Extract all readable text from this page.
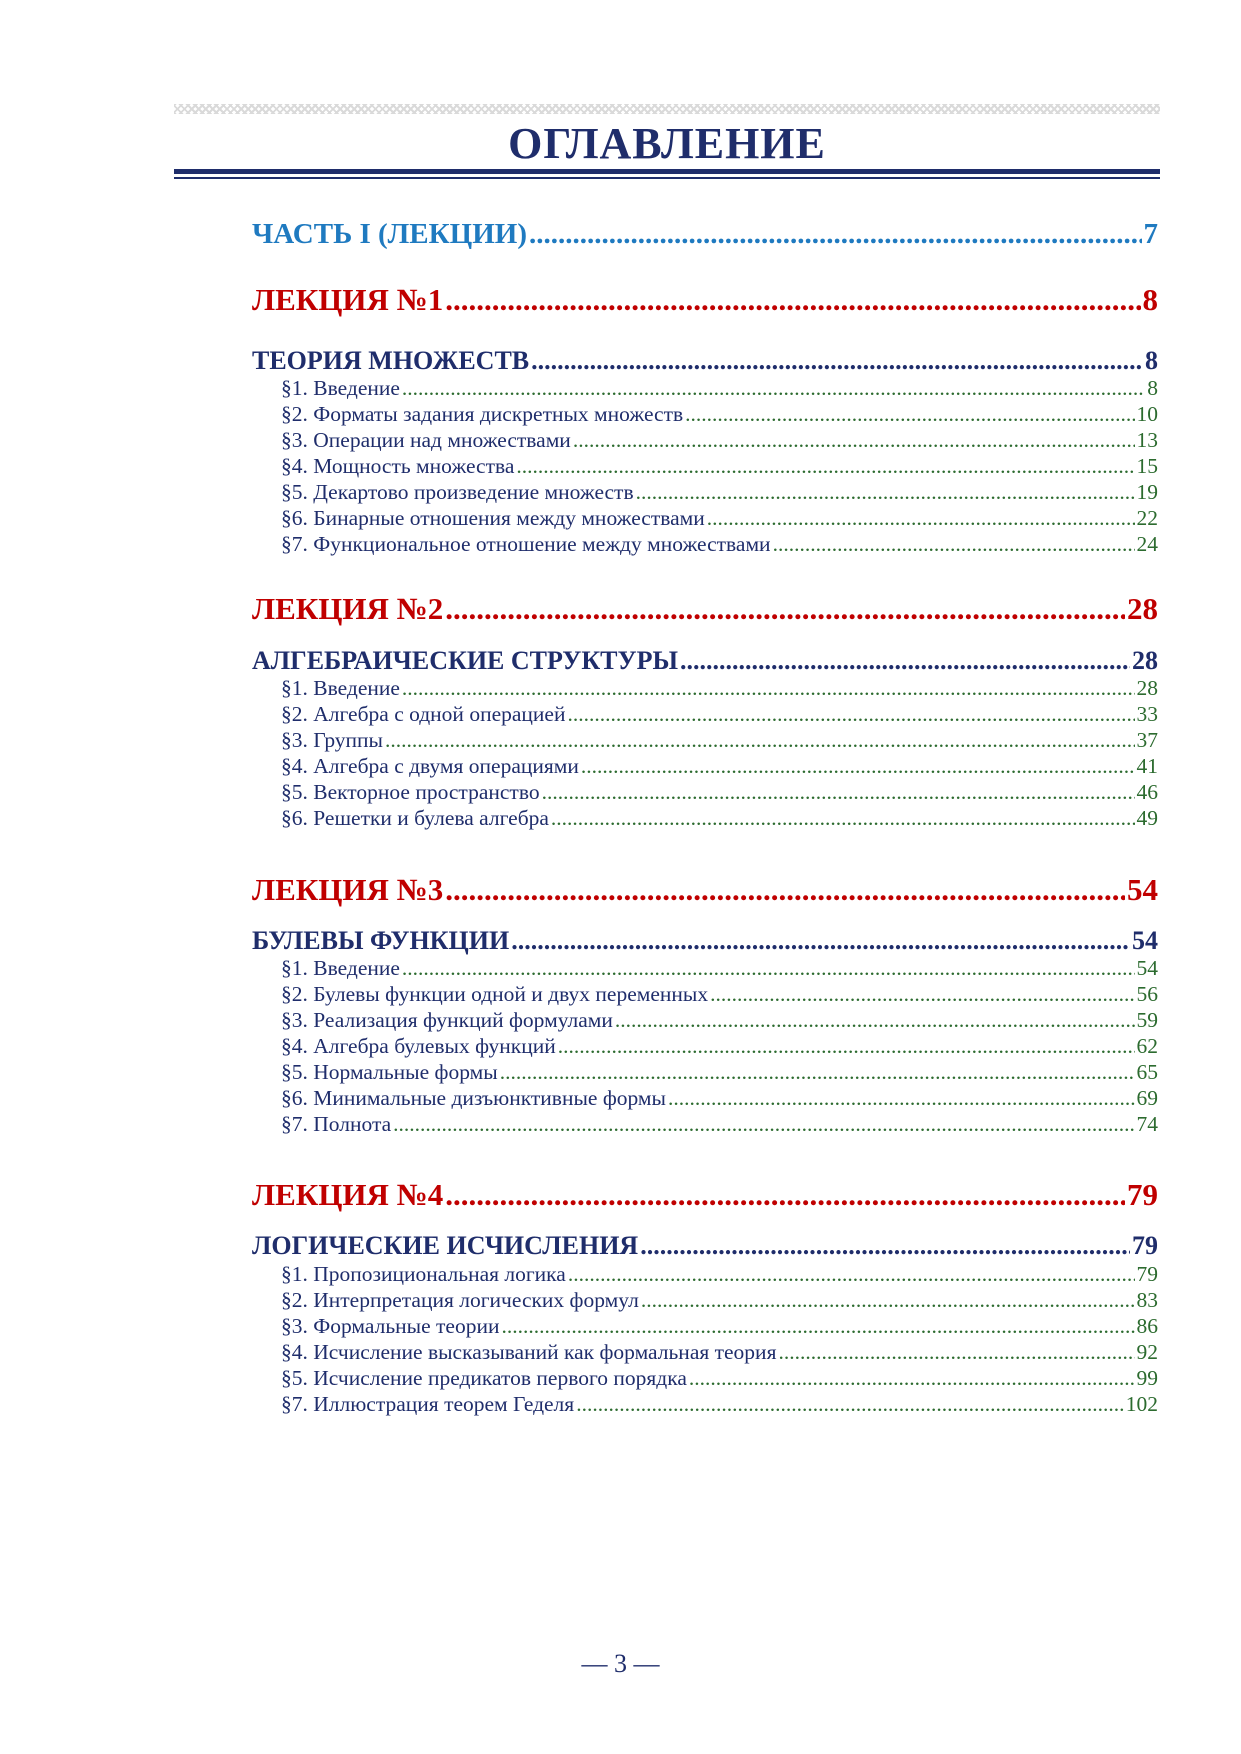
ОГЛАВЛЕНИЕ
ЧАСТЬ I (ЛЕКЦИИ) .....	7
ЛЕКЦИЯ №1 .....	8
ТЕОРИЯ МНОЖЕСТВ .....	8
§1. Введение .....	8
§2. Форматы задания дискретных множеств .....	10
§3. Операции над множествами .....	13
§4. Мощность множества .....	15
§5. Декартово произведение множеств .....	19
§6. Бинарные отношения между множествами .....	22
§7. Функциональное отношение между множествами .....	24
ЛЕКЦИЯ №2 .....	28
АЛГЕБРАИЧЕСКИЕ СТРУКТУРЫ .....	28
§1. Введение .....	28
§2. Алгебра с одной операцией .....	33
§3. Группы .....	37
§4. Алгебра с двумя операциями .....	41
§5. Векторное пространство .....	46
§6. Решетки и булева алгебра .....	49
ЛЕКЦИЯ №3 .....	54
БУЛЕВЫ ФУНКЦИИ .....	54
§1. Введение .....	54
§2. Булевы функции одной и двух переменных .....	56
§3. Реализация функций формулами .....	59
§4. Алгебра булевых функций .....	62
§5. Нормальные формы .....	65
§6. Минимальные дизъюнктивные формы .....	69
§7. Полнота .....	74
ЛЕКЦИЯ №4 .....	79
ЛОГИЧЕСКИЕ ИСЧИСЛЕНИЯ .....	79
§1. Пропозициональная логика .....	79
§2. Интерпретация логических формул .....	83
§3. Формальные теории .....	86
§4. Исчисление высказываний как формальная теория .....	92
§5. Исчисление предикатов первого порядка .....	99
§7. Иллюстрация теорем Геделя .....	102
— 3 —
